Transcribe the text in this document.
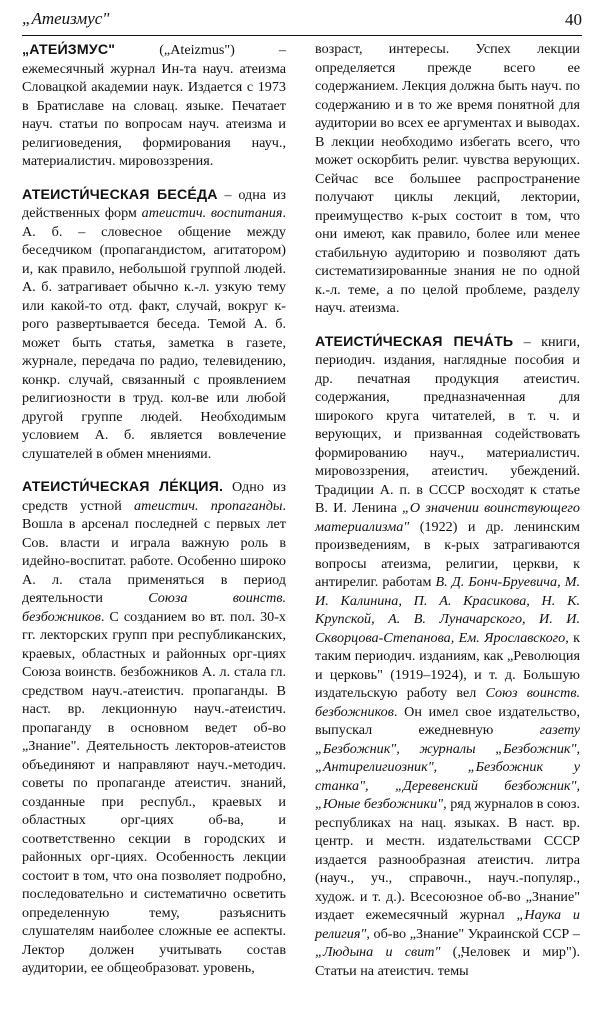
„Атеизмус"	40

„АТЕИ́ЗМУС" („Ateizmus") – ежемесячный журнал Ин-та науч. атеизма Словацкой академии наук. Издается с 1973 в Братиславе на словац. языке. Печатает науч. статьи по вопросам науч. атеизма и религиоведения, формирования науч., материалистич. мировоззрения.

АТЕИСТИ́ЧЕСКАЯ БЕСЕ́ДА – одна из действенных форм атеистич. воспитания. А. б. – словесное общение между беседчиком (пропагандистом, агитатором) и, как правило, небольшой группой людей. А. б. затрагивает обычно к.-л. узкую тему или какой-то отд. факт, случай, вокруг к-рого развертывается беседа. Темой А. б. может быть статья, заметка в газете, журнале, передача по радио, телевидению, конкр. случай, связанный с проявлением религиозности в труд. кол-ве или любой другой группе людей. Необходимым условием А. б. является вовлечение слушателей в обмен мнениями.

АТЕИСТИ́ЧЕСКАЯ ЛЕ́КЦИЯ. Одно из средств устной атеистич. пропаганды. Вошла в арсенал последней с первых лет Сов. власти и играла важную роль в идейно-воспитат. работе. Особенно широко А. л. стала применяться в период деятельности Союза воинств. безбожников. С созданием во вт. пол. 30-х гг. лекторских групп при республиканских, краевых, областных и районных орг-циях Союза воинств. безбожников А. л. стала гл. средством науч.-атеистич. пропаганды. В наст. вр. лекционную науч.-атеистич. пропаганду в основном ведет об-во „Знание". Деятельность лекторов-атеистов объединяют и направляют науч.-методич. советы по пропаганде атеистич. знаний, созданные при республ., краевых и областных орг-циях об-ва, и соответственно секции в городских и районных орг-циях. Особенность лекции состоит в том, что она позволяет подробно, последовательно и систематично осветить определенную тему, разъяснить слушателям наиболее сложные ее аспекты. Лектор должен учитывать состав аудитории, ее общеобразоват. уровень,

возраст, интересы. Успех лекции определяется прежде всего ее содержанием. Лекция должна быть науч. по содержанию и в то же время понятной для аудитории во всех ее аргументах и выводах. В лекции необходимо избегать всего, что может оскорбить религ. чувства верующих. Сейчас все большее распространение получают циклы лекций, лектории, преимущество к-рых состоит в том, что они имеют, как правило, более или менее стабильную аудиторию и позволяют дать систематизированные знания не по одной к.-л. теме, а по целой проблеме, разделу науч. атеизма.

АТЕИСТИ́ЧЕСКАЯ ПЕЧА́ТЬ – книги, периодич. издания, наглядные пособия и др. печатная продукция атеистич. содержания, предназначенная для широкого круга читателей, в т. ч. и верующих, и призванная содействовать формированию науч., материалистич. мировоззрения, атеистич. убеждений. Традиции А. п. в СССР восходят к статье В. И. Ленина „О значении воинствующего материализма" (1922) и др. ленинским произведениям, в к-рых затрагиваются вопросы атеизма, религии, церкви, к антирелиг. работам В. Д. Бонч-Бруевича, М. И. Калинина, П. А. Красикова, Н. К. Крупской, А. В. Луначарского, И. И. Скворцова-Степанова, Ем. Ярославского, к таким периодич. изданиям, как „Революция и церковь" (1919–1924), и т. д. Большую издательскую работу вел Союз воинств. безбожников. Он имел свое издательство, выпускал ежедневную газету „Безбожник", журналы „Безбожник", „Антирелигиозник", „Безбожник у станка", „Деревенский безбожник", „Юные безбожники", ряд журналов в союз. республиках на нац. языках. В наст. вр. центр. и местн. издательствами СССР издается разнообразная атеистич. литра (науч., уч., справочн., науч.-популяр., худож. и т. д.). Всесоюзное об-во „Знание" издает ежемесячный журнал „Наука и религия", об-во „Знание" Украинской ССР – „Людына и свит" („Человек и мир"). Статьи на атеистич. темы
